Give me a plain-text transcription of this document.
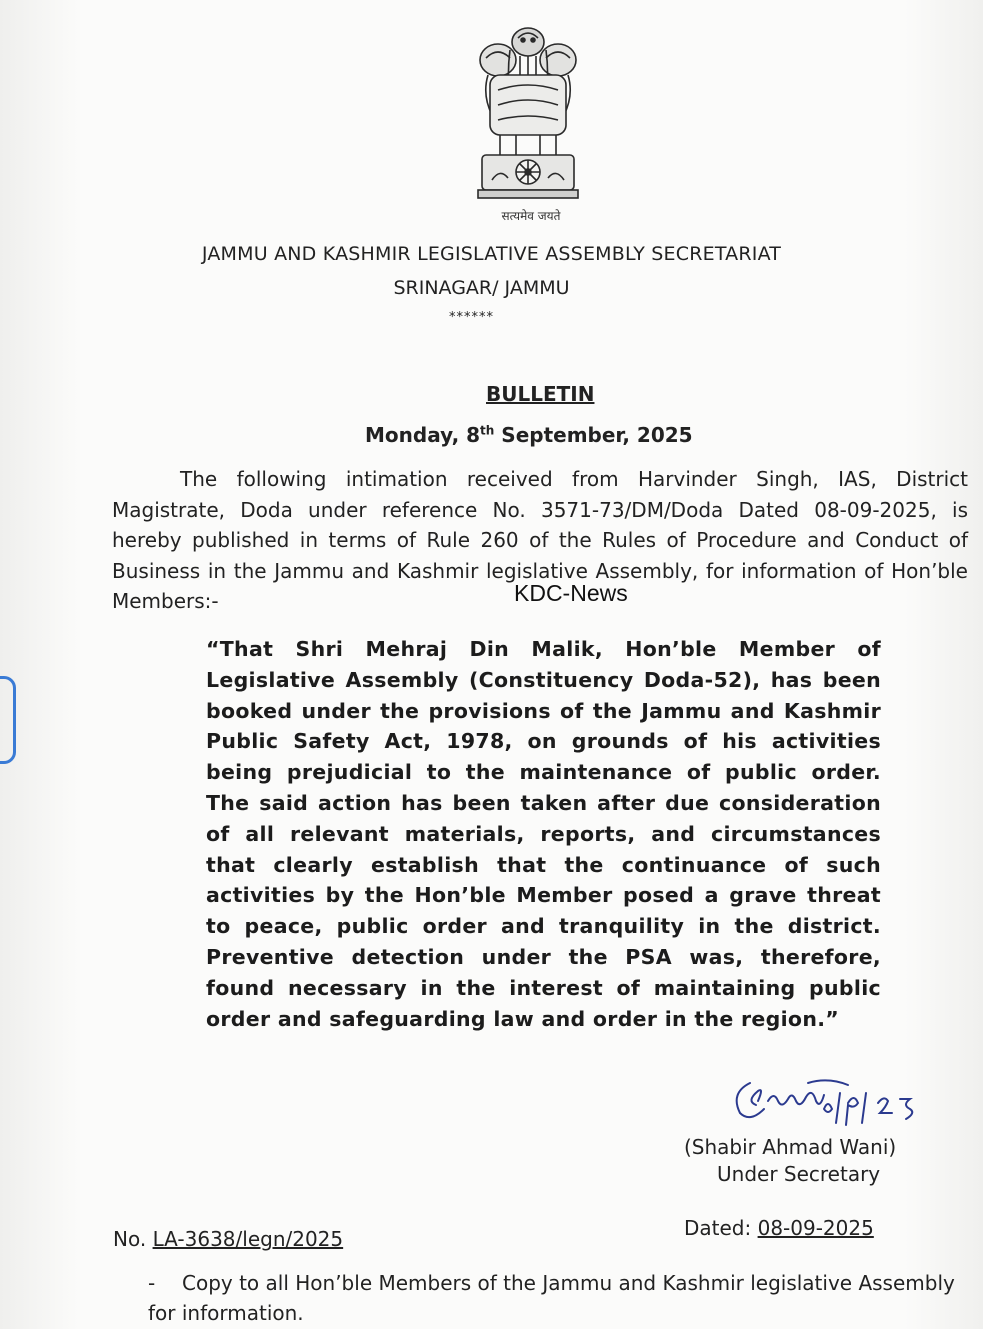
सत्यमेव जयते
JAMMU AND KASHMIR LEGISLATIVE ASSEMBLY SECRETARIAT
SRINAGAR/ JAMMU
******
BULLETIN
Monday, 8th September, 2025
The following intimation received from Harvinder Singh, IAS, District Magistrate, Doda under reference No. 3571-73/DM/Doda Dated 08-09-2025, is hereby published in terms of Rule 260 of the Rules of Procedure and Conduct of Business in the Jammu and Kashmir legislative Assembly, for information of Hon’ble Members:-	KDC-News
“That Shri Mehraj Din Malik, Hon’ble Member of Legislative Assembly (Constituency Doda-52), has been booked under the provisions of the Jammu and Kashmir Public Safety Act, 1978, on grounds of his activities being prejudicial to the maintenance of public order. The said action has been taken after due consideration of all relevant materials, reports, and circumstances that clearly establish that the continuance of such activities by the Hon’ble Member posed a grave threat to peace, public order and tranquility in the district. Preventive detection under the PSA was, therefore, found necessary in the interest of maintaining public order and safeguarding law and order in the region.”
(Shabir Ahmad Wani)
Under Secretary
No. LA-3638/legn/2025	Dated: 08-09-2025
- Copy to all Hon’ble Members of the Jammu and Kashmir legislative Assembly for information.
